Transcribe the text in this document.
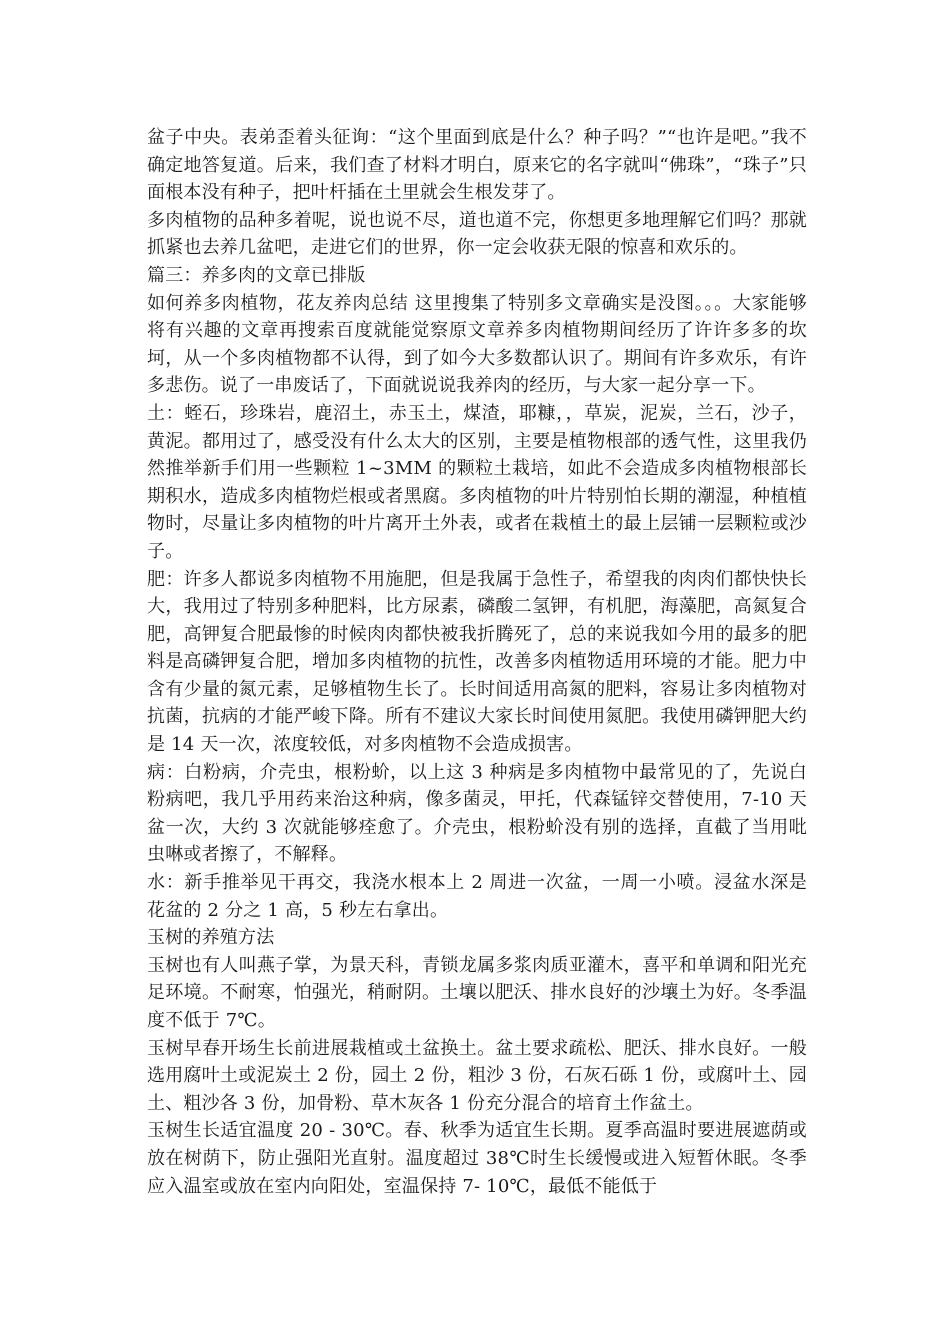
盆子中央。表弟歪着头征询：“这个里面到底是什么？种子吗？”“也许是吧。”我不确定地答复道。后来，我们查了材料才明白，原来它的名字就叫“佛珠”，“珠子”只面根本没有种子，把叶杆插在土里就会生根发芽了。

多肉植物的品种多着呢，说也说不尽，道也道不完，你想更多地理解它们吗？那就抓紧也去养几盆吧，走进它们的世界，你一定会收获无限的惊喜和欢乐的。

篇三：养多肉的文章已排版

如何养多肉植物，花友养肉总结 这里搜集了特别多文章确实是没图。。。大家能够将有兴趣的文章再搜索百度就能觉察原文章养多肉植物期间经历了许许多多的坎坷，从一个多肉植物都不认得，到了如今大多数都认识了。期间有许多欢乐，有许多悲伤。说了一串废话了，下面就说说我养肉的经历，与大家一起分享一下。

土：蛭石，珍珠岩，鹿沼土，赤玉土，煤渣，耶糠，，草炭，泥炭，兰石，沙子，黄泥。都用过了，感受没有什么太大的区别，主要是植物根部的透气性，这里我仍然推举新手们用一些颗粒 1~3MM 的颗粒土栽培，如此不会造成多肉植物根部长期积水，造成多肉植物烂根或者黑腐。多肉植物的叶片特别怕长期的潮湿，种植植物时，尽量让多肉植物的叶片离开土外表，或者在栽植土的最上层铺一层颗粒或沙子。

肥：许多人都说多肉植物不用施肥，但是我属于急性子，希望我的肉肉们都快快长大，我用过了特别多种肥料，比方尿素，磷酸二氢钾，有机肥，海藻肥，高氮复合肥，高钾复合肥最惨的时候肉肉都快被我折腾死了，总的来说我如今用的最多的肥料是高磷钾复合肥，增加多肉植物的抗性，改善多肉植物适用环境的才能。肥力中含有少量的氮元素，足够植物生长了。长时间适用高氮的肥料，容易让多肉植物对抗菌，抗病的才能严峻下降。所有不建议大家长时间使用氮肥。我使用磷钾肥大约是 14 天一次，浓度较低，对多肉植物不会造成损害。

病：白粉病，介壳虫，根粉蚧，以上这 3 种病是多肉植物中最常见的了，先说白粉病吧，我几乎用药来治这种病，像多菌灵，甲托，代森锰锌交替使用，7-10 天盆一次，大约 3 次就能够痊愈了。介壳虫，根粉蚧没有别的选择，直截了当用吡虫啉或者擦了，不解释。

水：新手推举见干再交，我浇水根本上 2 周进一次盆，一周一小喷。浸盆水深是花盆的 2 分之 1 高，5 秒左右拿出。

玉树的养殖方法

玉树也有人叫燕子掌，为景天科，青锁龙属多浆肉质亚灌木，喜平和单调和阳光充足环境。不耐寒，怕强光，稍耐阴。土壤以肥沃、排水良好的沙壤土为好。冬季温度不低于 7℃。

玉树早春开场生长前进展栽植或土盆换土。盆土要求疏松、肥沃、排水良好。一般选用腐叶土或泥炭土 2 份，园土 2 份，粗沙 3 份，石灰石砾 1 份，或腐叶土、园土、粗沙各 3 份，加骨粉、草木灰各 1 份充分混合的培育土作盆土。

玉树生长适宜温度 20 - 30℃。春、秋季为适宜生长期。夏季高温时要进展遮荫或放在树荫下，防止强阳光直射。温度超过 38℃时生长缓慢或进入短暂休眠。冬季应入温室或放在室内向阳处，室温保持 7- 10℃，最低不能低于
